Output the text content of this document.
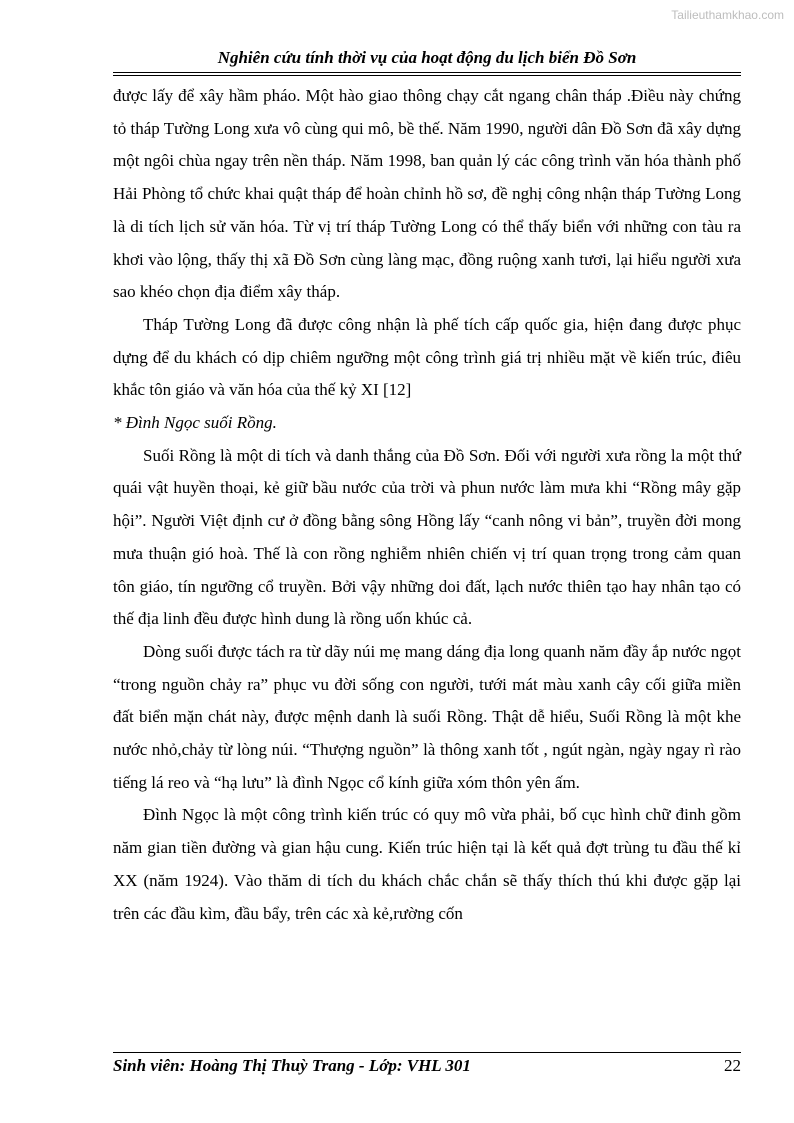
Tailieuthamkhao.com
Nghiên cứu tính thời vụ của hoạt động du lịch biển Đồ Sơn

được lấy để xây hầm pháo. Một hào giao thông chạy cắt ngang chân tháp .Điều này chứng tỏ tháp Tường Long xưa vô cùng qui mô, bề thế. Năm 1990, người dân Đồ Sơn đã xây dựng một ngôi chùa ngay trên nền tháp. Năm 1998, ban quản lý các công trình văn hóa thành phố Hải Phòng tổ chức khai quật tháp để hoàn chỉnh hồ sơ, đề nghị công nhận tháp Tường Long là di tích lịch sử văn hóa. Từ vị trí tháp Tường Long có thể thấy biển với những con tàu ra khơi vào lộng, thấy thị xã Đồ Sơn cùng làng mạc, đồng ruộng xanh tươi, lại hiểu người xưa sao khéo chọn địa điểm xây tháp.

Tháp Tường Long đã được công nhận là phế tích cấp quốc gia, hiện đang được phục dựng để du khách có dịp chiêm ngưỡng một công trình giá trị nhiều mặt về kiến trúc, điêu khắc tôn giáo và văn hóa của thế kỷ XI [12]

* Đình Ngọc suối Rồng.

Suối Rồng là một di tích và danh thắng của Đồ Sơn. Đối với người xưa rồng la một thứ quái vật huyền thoại, kẻ giữ bầu nước của trời và phun nước làm mưa khi “Rồng mây gặp hội”. Người Việt định cư ở đồng bằng sông Hồng lấy “canh nông vi bản”, truyền đời mong mưa thuận gió hoà. Thế là con rồng nghiễm nhiên chiến vị trí quan trọng trong cảm quan tôn giáo, tín ngưỡng cổ truyền. Bởi vậy những doi đất, lạch nước thiên tạo hay nhân tạo có thế địa linh đều được hình dung là rồng uốn khúc cả.

Dòng suối được tách ra từ dãy núi mẹ mang dáng địa long quanh năm đầy ắp nước ngọt “trong nguồn chảy ra” phục vu đời sống con người, tưới mát màu xanh cây cối giữa miền đất biển mặn chát này, được mệnh danh là suối Rồng. Thật dễ hiểu, Suối Rồng là một khe nước nhỏ,chảy từ lòng núi. “Thượng nguồn” là thông xanh tốt , ngút ngàn, ngày ngay rì rào tiếng lá reo và “hạ lưu” là đình Ngọc cổ kính giữa xóm thôn yên ấm.

Đình Ngọc là một công trình kiến trúc có quy mô vừa phải, bố cục hình chữ đinh gồm năm gian tiền đường và gian hậu cung. Kiến trúc hiện tại là kết quả đợt trùng tu đầu thế kỉ XX (năm 1924). Vào thăm di tích du khách chắc chắn sẽ thấy thích thú khi được gặp lại trên các đầu kìm, đầu bẩy, trên các xà kẻ,rường cốn

Sinh viên: Hoàng Thị Thuỳ Trang - Lớp: VHL 301	22
